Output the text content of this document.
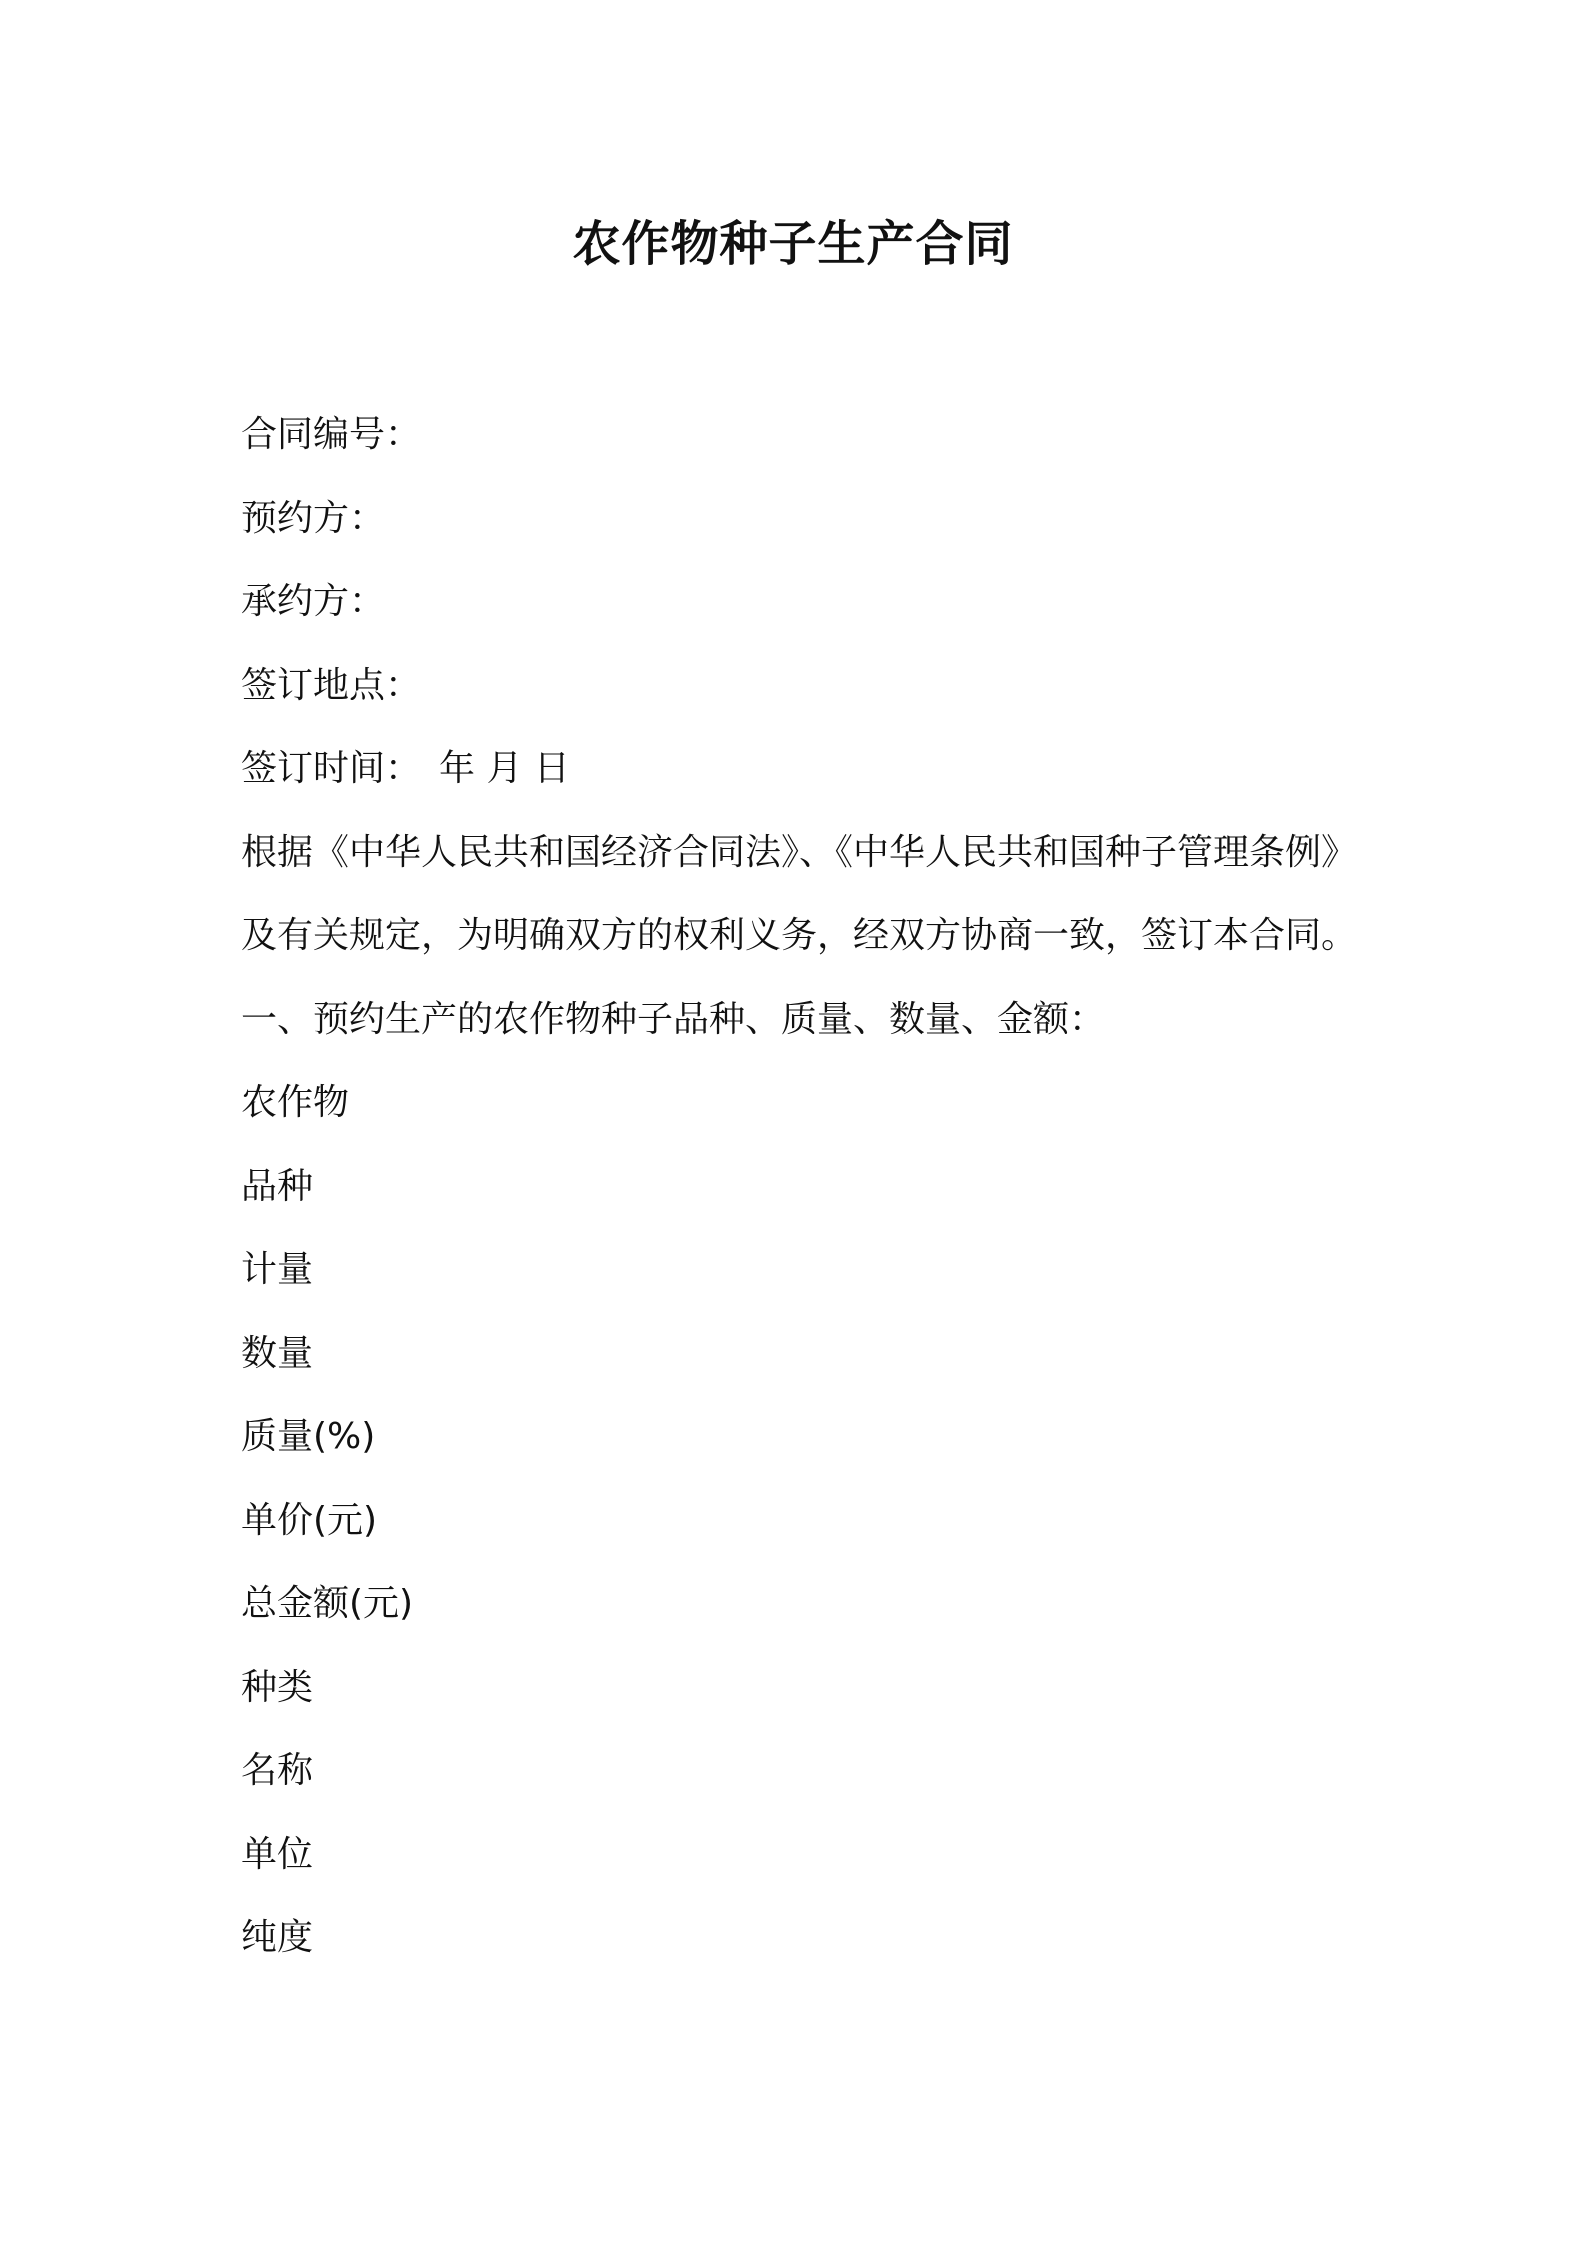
农作物种子生产合同
合同编号：
预约方：
承约方：
签订地点：
签订时间：　年 月 日
根据《中华人民共和国经济合同法》、《中华人民共和国种子管理条例》
及有关规定，为明确双方的权利义务，经双方协商一致，签订本合同。
一、预约生产的农作物种子品种、质量、数量、金额：
农作物
品种
计量
数量
质量(%)
单价(元)
总金额(元)
种类
名称
单位
纯度
